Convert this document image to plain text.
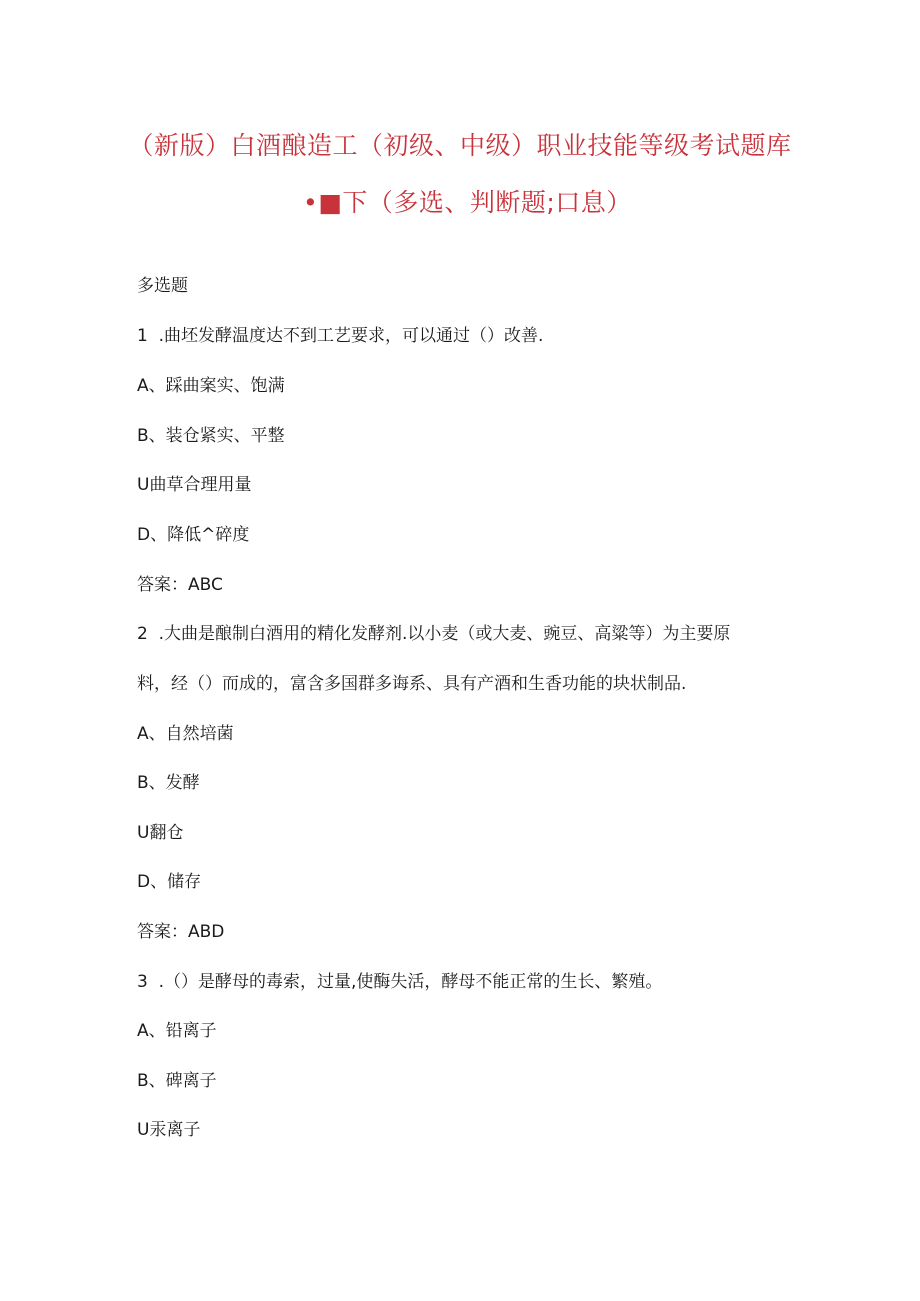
（新版）白酒酿造工（初级、中级）职业技能等级考试题库
•■下（多选、判断题;口息）
多选题
1  .曲坯发酵温度达不到工艺要求，可以通过（）改善.
A、踩曲案实、饱满
B、装仓紧实、平整
U曲草合理用量
D、降低^碎度
答案：ABC
2  .大曲是酿制白酒用的精化发酵剂.以小麦（或大麦、豌豆、高粱等）为主要原
料，经（）而成的，富含多国群多诲系、具有产酒和生香功能的块状制品.
A、自然培菌
B、发酵
U翻仓
D、储存
答案：ABD
3  .（）是酵母的毒索，过量,使酶失活，酵母不能正常的生长、繁殖。
A、铅离子
B、碑离子
U汞离子
